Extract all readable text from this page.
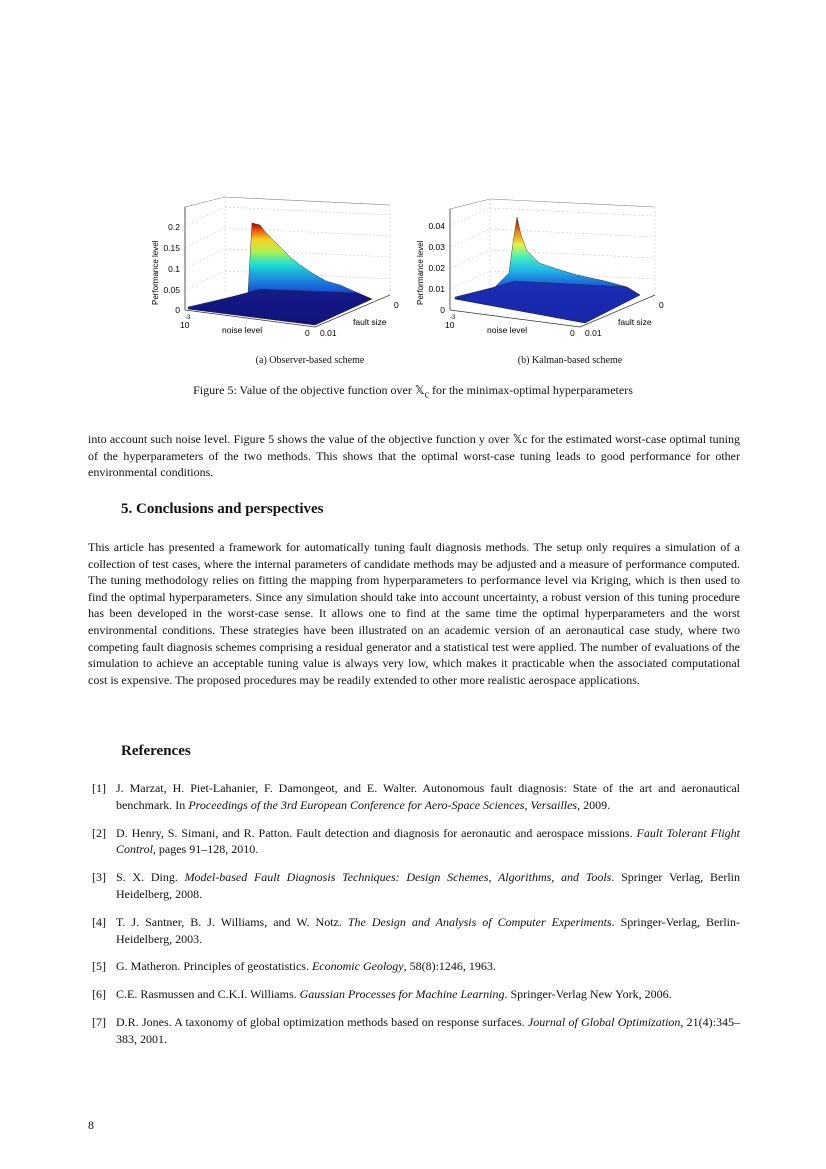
0.2
0.15
0.1
0.05
0
Performance level
10
-3
0
noise level
0
0.01
fault size
0.04
0.03
0.02
0.01
0
Performance level
10
-3
0
noise level
0
0.01
fault size
(a) Observer-based scheme	(b) Kalman-based scheme
Figure 5: Value of the objective function over 𝕏$_c$ for the minimax-optimal hyperparameters

into account such noise level. Figure 5 shows the value of the objective function y over 𝕏c for the estimated worst-case optimal tuning of the hyperparameters of the two methods. This shows that the optimal worst-case tuning leads to good performance for other environmental conditions.

5. Conclusions and perspectives

This article has presented a framework for automatically tuning fault diagnosis methods. The setup only requires a simulation of a collection of test cases, where the internal parameters of candidate methods may be adjusted and a measure of performance computed. The tuning methodology relies on fitting the mapping from hyperparameters to performance level via Kriging, which is then used to find the optimal hyperparameters. Since any simulation should take into account uncertainty, a robust version of this tuning procedure has been developed in the worst-case sense. It allows one to find at the same time the optimal hyperparameters and the worst environmental conditions. These strategies have been illustrated on an academic version of an aeronautical case study, where two competing fault diagnosis schemes comprising a residual generator and a statistical test were applied. The number of evaluations of the simulation to achieve an acceptable tuning value is always very low, which makes it practicable when the associated computational cost is expensive. The proposed procedures may be readily extended to other more realistic aerospace applications.

References
[1] J. Marzat, H. Piet-Lahanier, F. Damongeot, and E. Walter. Autonomous fault diagnosis: State of the art and aeronautical benchmark. In Proceedings of the 3rd European Conference for Aero-Space Sciences, Versailles, 2009.
[2] D. Henry, S. Simani, and R. Patton. Fault detection and diagnosis for aeronautic and aerospace missions. Fault Tolerant Flight Control, pages 91–128, 2010.
[3] S. X. Ding. Model-based Fault Diagnosis Techniques: Design Schemes, Algorithms, and Tools. Springer Verlag, Berlin Heidelberg, 2008.
[4] T. J. Santner, B. J. Williams, and W. Notz. The Design and Analysis of Computer Experiments. Springer-Verlag, Berlin-Heidelberg, 2003.
[5] G. Matheron. Principles of geostatistics. Economic Geology, 58(8):1246, 1963.
[6] C.E. Rasmussen and C.K.I. Williams. Gaussian Processes for Machine Learning. Springer-Verlag New York, 2006.
[7] D.R. Jones. A taxonomy of global optimization methods based on response surfaces. Journal of Global Optimization, 21(4):345–383, 2001.
8
